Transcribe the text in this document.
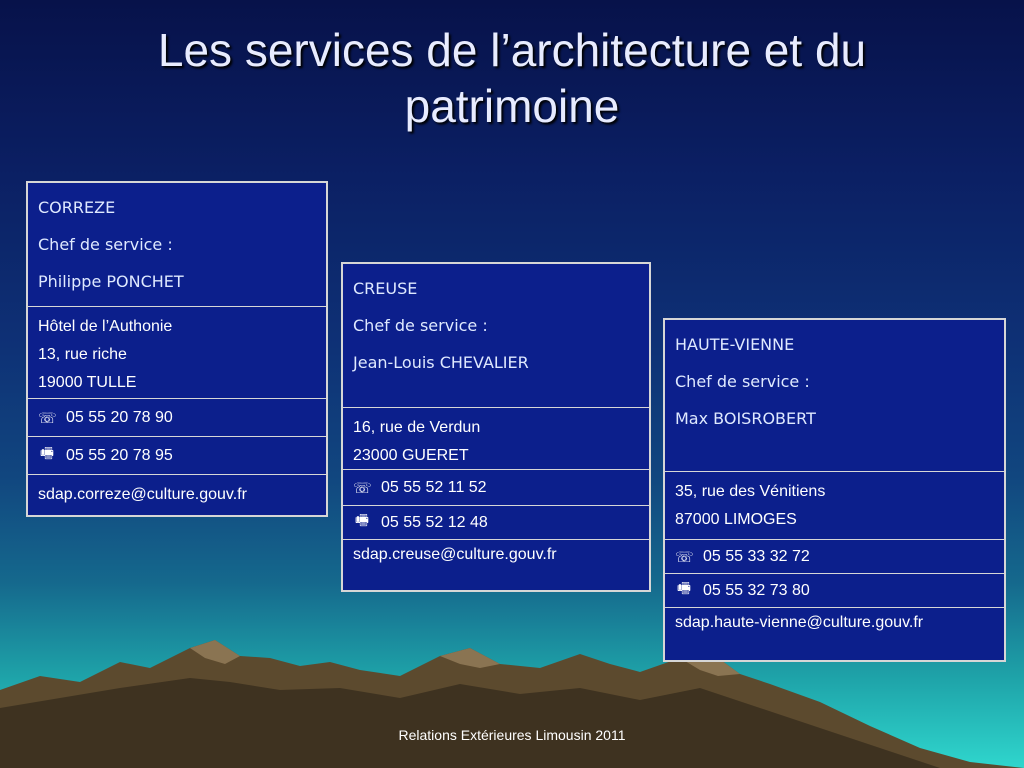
Les services de l’architecture et du
patrimoine
CORREZE
Chef de service :
Philippe PONCHET
Hôtel de l’Authonie
13, rue riche
19000 TULLE
☏ 05 55 20 78 90
🖷 05 55 20 78 95
sdap.correze@culture.gouv.fr
CREUSE
Chef de service :
Jean-Louis CHEVALIER
16, rue de Verdun
23000 GUERET
☏ 05 55 52 11 52
🖷 05 55 52 12 48
sdap.creuse@culture.gouv.fr
HAUTE-VIENNE
Chef de service :
Max BOISROBERT
35, rue des Vénitiens
87000 LIMOGES
☏ 05 55 33 32 72
🖷 05 55 32 73 80
sdap.haute-vienne@culture.gouv.fr
Relations Extérieures Limousin 2011
